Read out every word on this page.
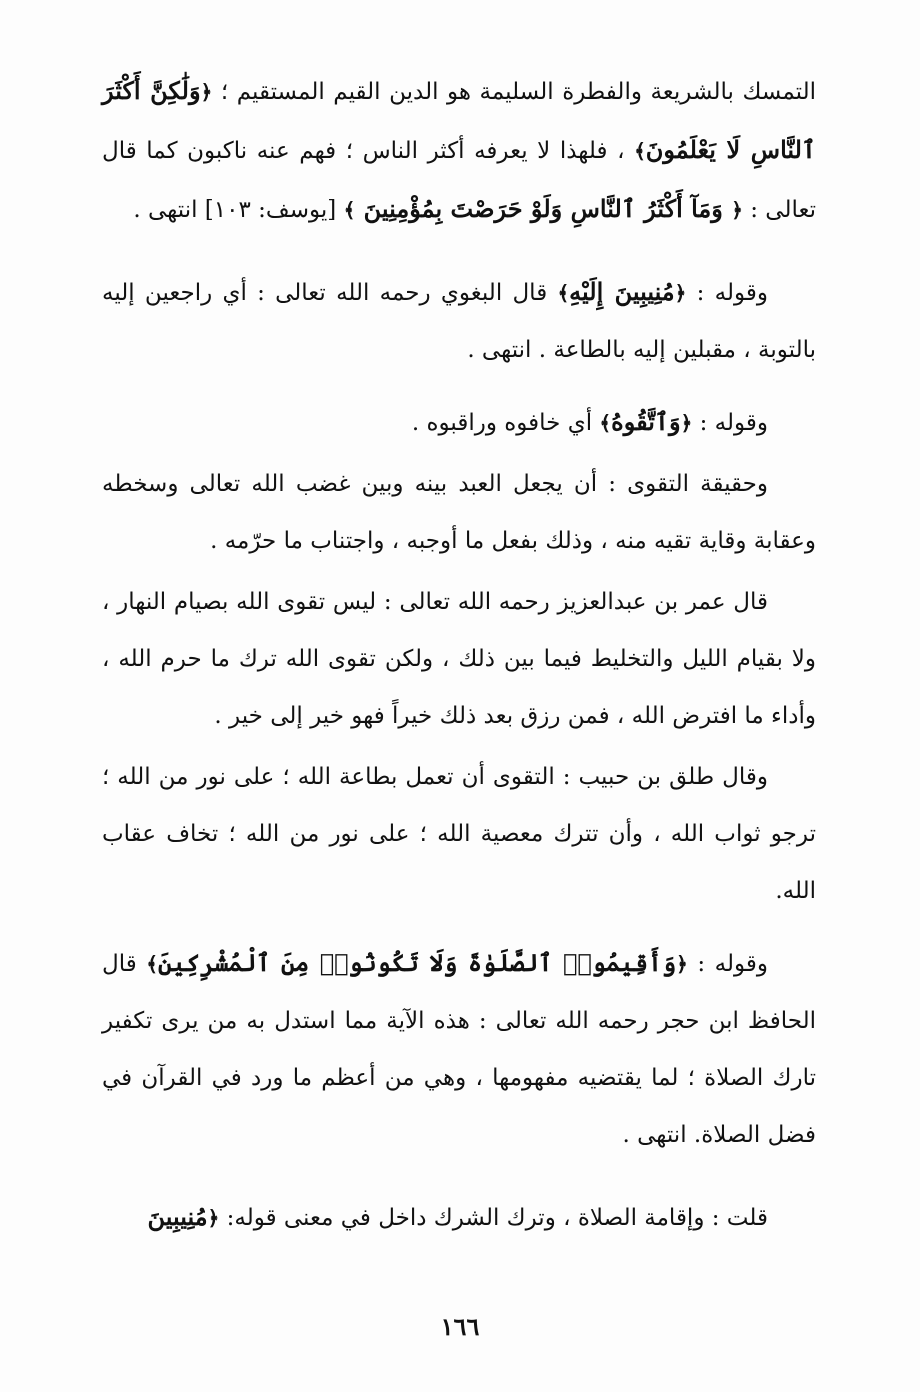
التمسك بالشريعة والفطرة السليمة هو الدين القيم المستقيم ؛ ﴿وَلَٰكِنَّ أَكْثَرَ ٱلنَّاسِ لَا يَعْلَمُونَ﴾ ، فلهذا لا يعرفه أكثر الناس ؛ فهم عنه ناكبون كما قال تعالى : ﴿ وَمَآ أَكْثَرُ ٱلنَّاسِ وَلَوْ حَرَصْتَ بِمُؤْمِنِينَ ﴾ [يوسف: ١٠٣] انتهى .

وقوله : ﴿مُنِيبِينَ إِلَيْهِ﴾ قال البغوي رحمه الله تعالى : أي راجعين إليه بالتوبة ، مقبلين إليه بالطاعة . انتهى .

وقوله : ﴿وَٱتَّقُوهُ﴾ أي خافوه وراقبوه .

وحقيقة التقوى : أن يجعل العبد بينه وبين غضب الله تعالى وسخطه وعقابة وقاية تقيه منه ، وذلك بفعل ما أوجبه ، واجتناب ما حرّمه .

قال عمر بن عبدالعزيز رحمه الله تعالى : ليس تقوى الله بصيام النهار ، ولا بقيام الليل والتخليط فيما بين ذلك ، ولكن تقوى الله ترك ما حرم الله ، وأداء ما افترض الله ، فمن رزق بعد ذلك خيراً فهو خير إلى خير .

وقال طلق بن حبيب : التقوى أن تعمل بطاعة الله ؛ على نور من الله ؛ ترجو ثواب الله ، وأن تترك معصية الله ؛ على نور من الله ؛ تخاف عقاب الله.

وقوله : ﴿وَأَقِيمُوا۟ ٱلصَّلَوٰةَ وَلَا تَكُونُوا۟ مِنَ ٱلْمُشْرِكِينَ﴾ قال الحافظ ابن حجر رحمه الله تعالى : هذه الآية مما استدل به من يرى تكفير تارك الصلاة ؛ لما يقتضيه مفهومها ، وهي من أعظم ما ورد في القرآن في فضل الصلاة. انتهى .

قلت : وإقامة الصلاة ، وترك الشرك داخل في معنى قوله: ﴿مُنِيبِينَ

١٦٦
